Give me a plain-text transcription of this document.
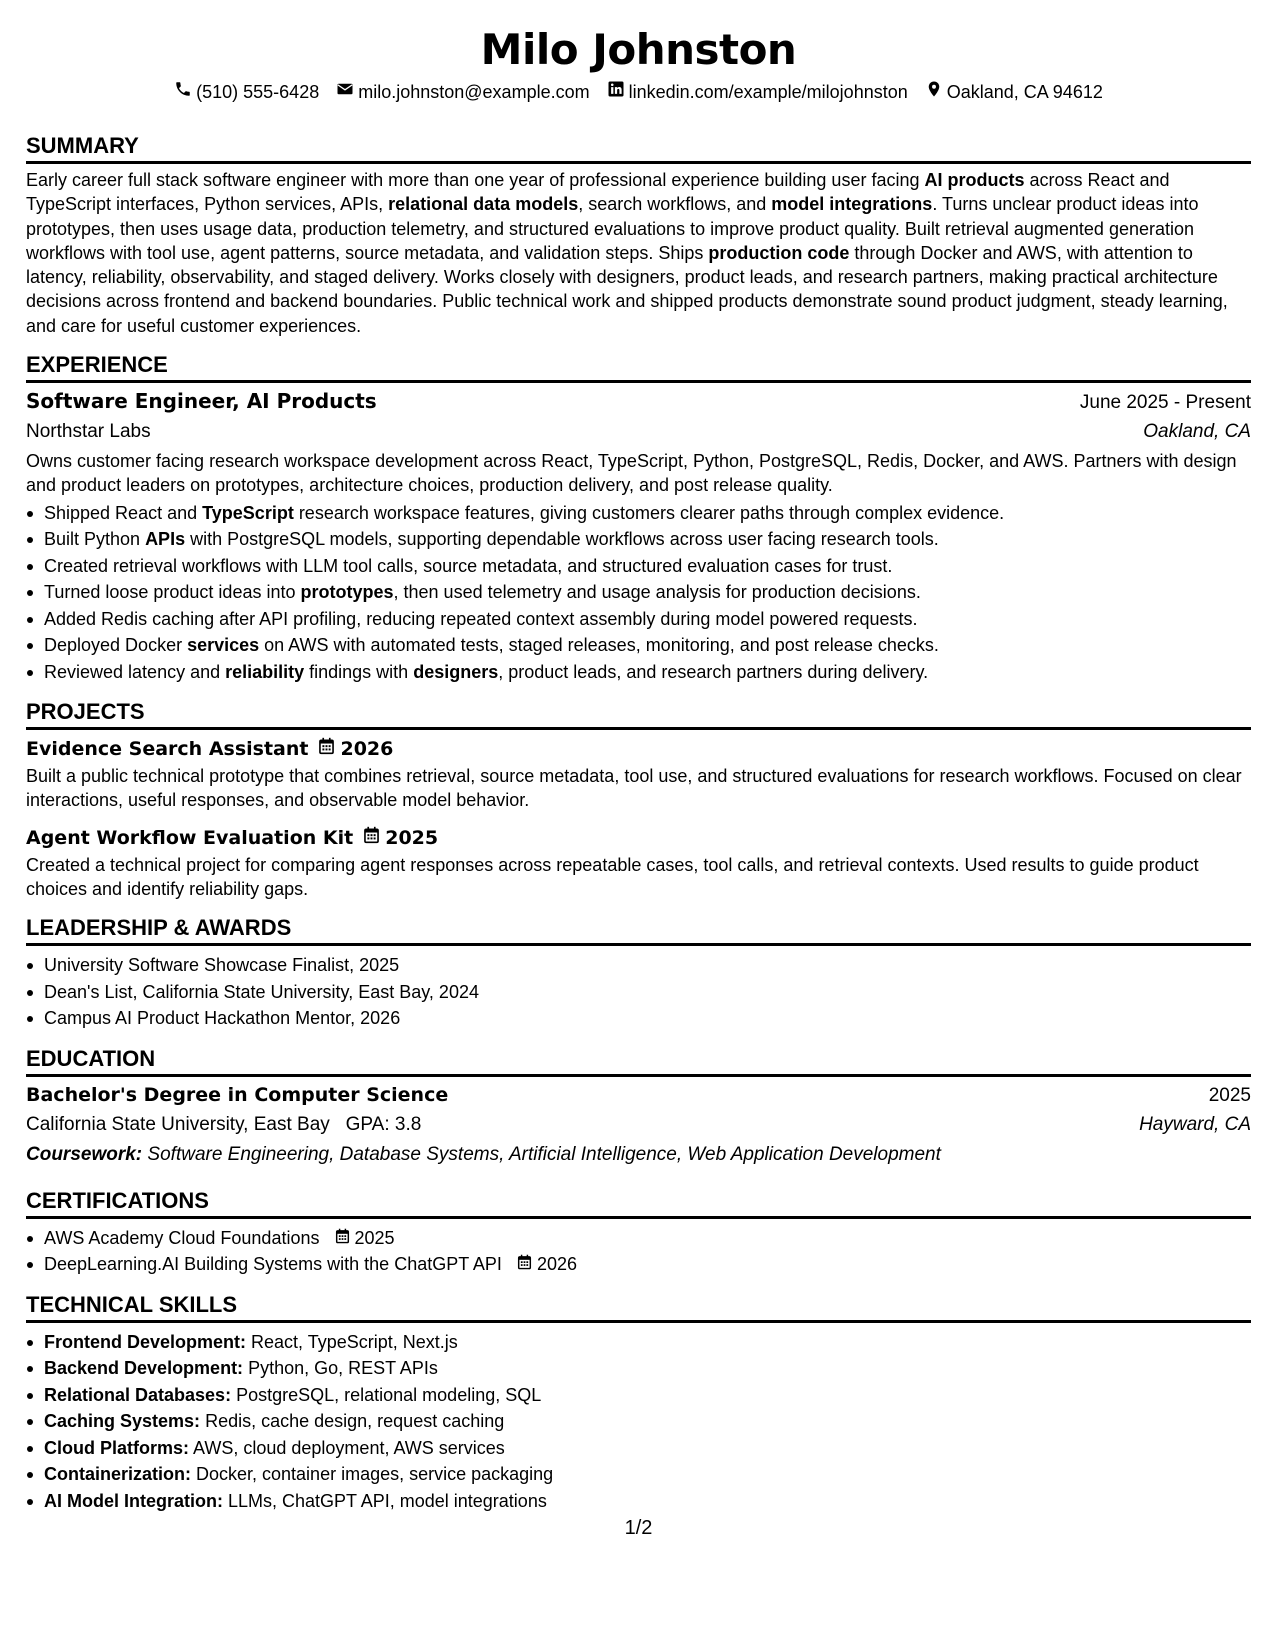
Milo Johnston
(510) 555-6428 milo.johnston@example.com linkedin.com/example/milojohnston Oakland, CA 94612
SUMMARY

Early career full stack software engineer with more than one year of professional experience building user facing AI products across React and TypeScript interfaces, Python services, APIs, relational data models, search workflows, and model integrations. Turns unclear product ideas into prototypes, then uses usage data, production telemetry, and structured evaluations to improve product quality. Built retrieval augmented generation workflows with tool use, agent patterns, source metadata, and validation steps. Ships production code through Docker and AWS, with attention to latency, reliability, observability, and staged delivery. Works closely with designers, product leads, and research partners, making practical architecture decisions across frontend and backend boundaries. Public technical work and shipped products demonstrate sound product judgment, steady learning, and care for useful customer experiences.

EXPERIENCE
Software Engineer, AI Products	June 2025 - Present
Northstar Labs	Oakland, CA

Owns customer facing research workspace development across React, TypeScript, Python, PostgreSQL, Redis, Docker, and AWS. Partners with design and product leaders on prototypes, architecture choices, production delivery, and post release quality.

Shipped React and TypeScript research workspace features, giving customers clearer paths through complex evidence.
Built Python APIs with PostgreSQL models, supporting dependable workflows across user facing research tools.
Created retrieval workflows with LLM tool calls, source metadata, and structured evaluation cases for trust.
Turned loose product ideas into prototypes, then used telemetry and usage analysis for production decisions.
Added Redis caching after API profiling, reducing repeated context assembly during model powered requests.
Deployed Docker services on AWS with automated tests, staged releases, monitoring, and post release checks.
Reviewed latency and reliability findings with designers, product leads, and research partners during delivery.
PROJECTS
Evidence Search Assistant 2026

Built a public technical prototype that combines retrieval, source metadata, tool use, and structured evaluations for research workflows. Focused on clear interactions, useful responses, and observable model behavior.

Agent Workflow Evaluation Kit 2025

Created a technical project for comparing agent responses across repeatable cases, tool calls, and retrieval contexts. Used results to guide product choices and identify reliability gaps.

LEADERSHIP & AWARDS
University Software Showcase Finalist, 2025
Dean's List, California State University, East Bay, 2024
Campus AI Product Hackathon Mentor, 2026
EDUCATION
Bachelor's Degree in Computer Science	2025
California State University, East Bay GPA: 3.8	Hayward, CA
Coursework: Software Engineering, Database Systems, Artificial Intelligence, Web Application Development
CERTIFICATIONS
AWS Academy Cloud Foundations 2025
DeepLearning.AI Building Systems with the ChatGPT API 2026
TECHNICAL SKILLS
Frontend Development: React, TypeScript, Next.js
Backend Development: Python, Go, REST APIs
Relational Databases: PostgreSQL, relational modeling, SQL
Caching Systems: Redis, cache design, request caching
Cloud Platforms: AWS, cloud deployment, AWS services
Containerization: Docker, container images, service packaging
AI Model Integration: LLMs, ChatGPT API, model integrations
1/2
